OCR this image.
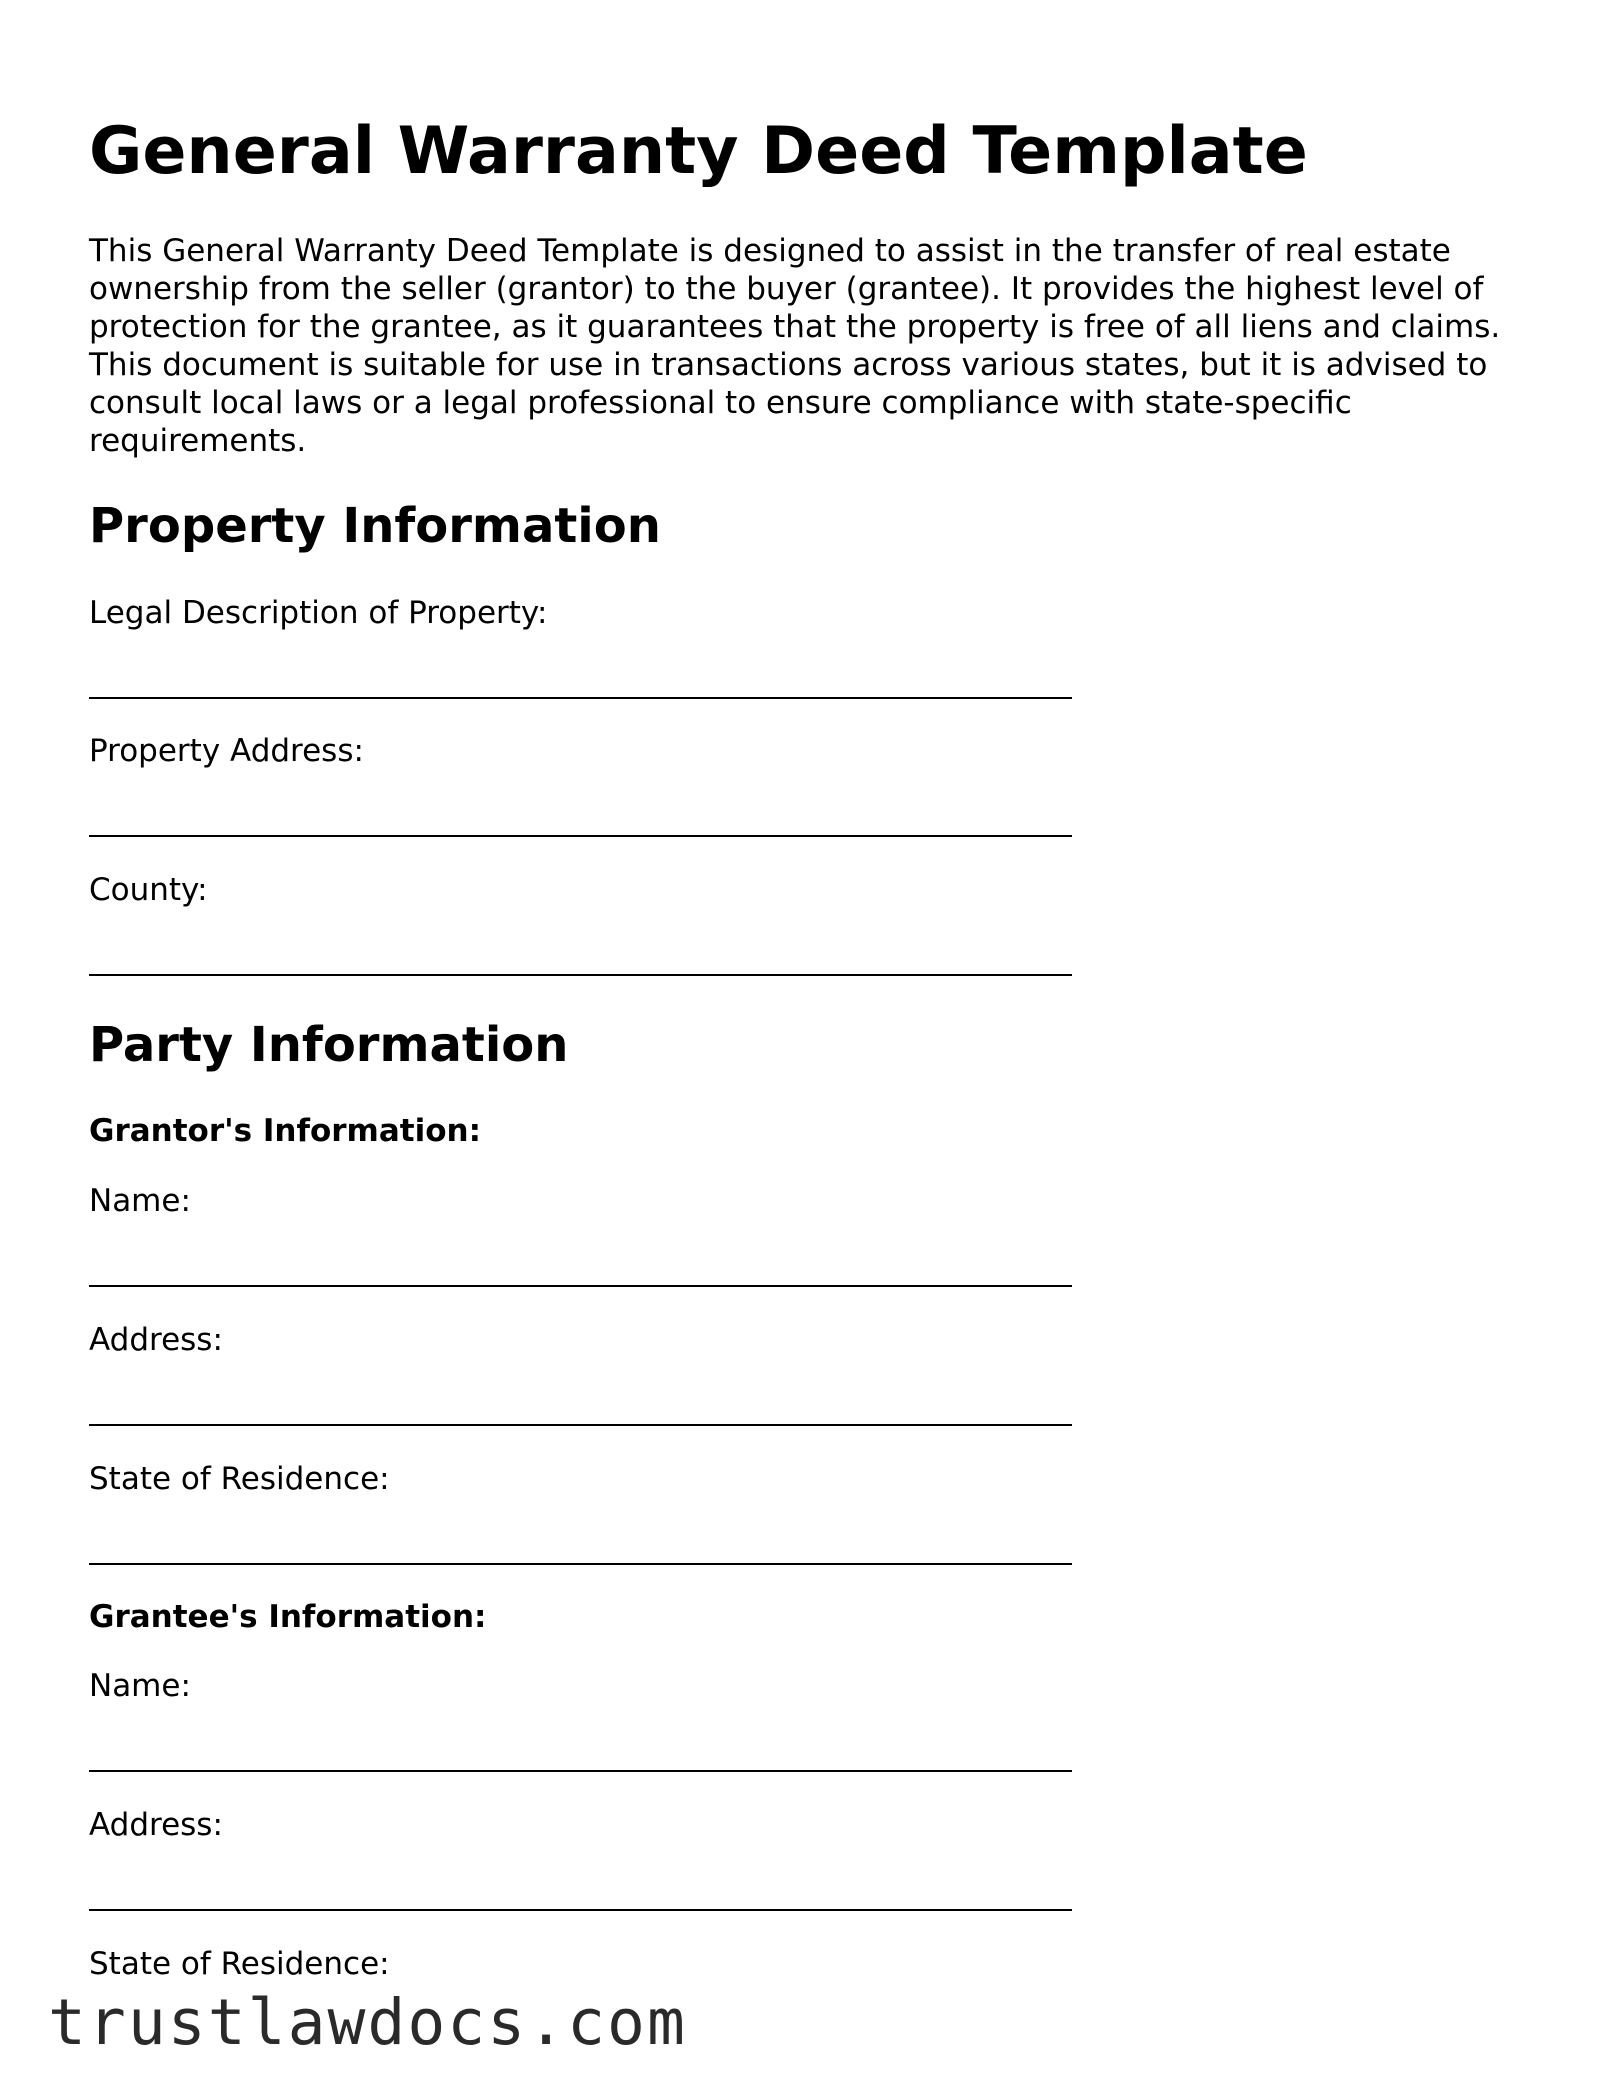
General Warranty Deed Template

This General Warranty Deed Template is designed to assist in the transfer of real estate ownership from the seller (grantor) to the buyer (grantee). It provides the highest level of protection for the grantee, as it guarantees that the property is free of all liens and claims. This document is suitable for use in transactions across various states, but it is advised to consult local laws or a legal professional to ensure compliance with state-specific requirements.

Property Information

Legal Description of Property:

Property Address:

County:

Party Information

Grantor's Information:

Name:

Address:

State of Residence:

Grantee's Information:

Name:

Address:

State of Residence:

trustlawdocs.com
